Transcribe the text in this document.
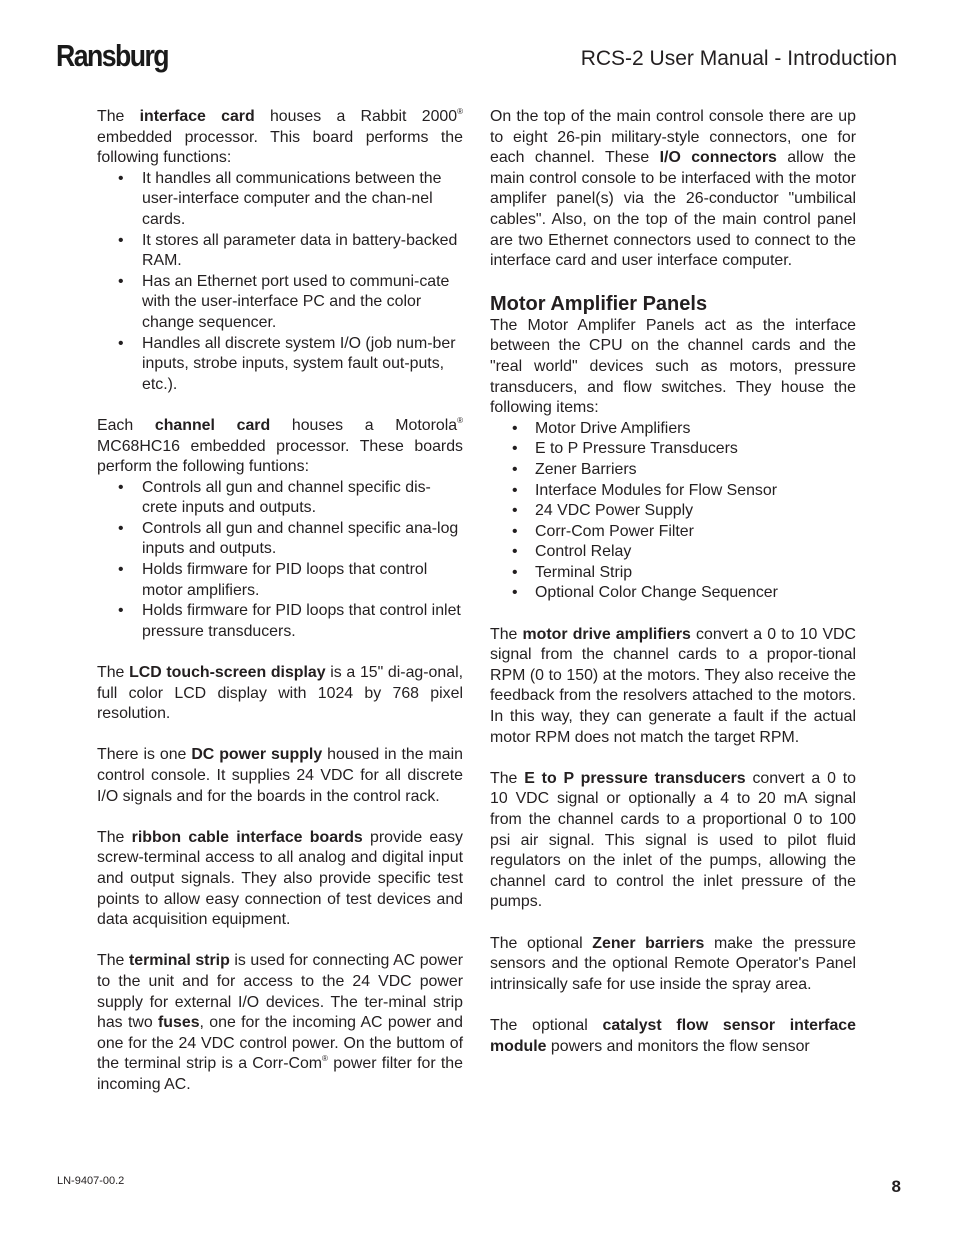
Ransburg	RCS-2 User Manual - Introduction

The interface card houses a Rabbit 2000® embedded processor. This board performs the following functions:

• It handles all communications between the user-interface computer and the chan-nel cards.
• It stores all parameter data in battery-backed RAM.
• Has an Ethernet port used to communi-cate with the user-interface PC and the color change sequencer.
• Handles all discrete system I/O (job num-ber inputs, strobe inputs, system fault out-puts, etc.).

Each channel card houses a Motorola® MC68HC16 embedded processor. These boards perform the following funtions:

• Controls all gun and channel specific dis-crete inputs and outputs.
• Controls all gun and channel specific ana-log inputs and outputs.
• Holds firmware for PID loops that control motor amplifiers.
• Holds firmware for PID loops that control inlet pressure transducers.

The LCD touch-screen display is a 15" di-ag-onal, full color LCD display with 1024 by 768 pixel resolution.

There is one DC power supply housed in the main control console. It supplies 24 VDC for all discrete I/O signals and for the boards in the control rack.

The ribbon cable interface boards provide easy screw-terminal access to all analog and digital input and output signals. They also provide specific test points to allow easy connection of test devices and data acquisition equipment.

The terminal strip is used for connecting AC power to the unit and for access to the 24 VDC power supply for external I/O devices. The ter-minal strip has two fuses, one for the incoming AC power and one for the 24 VDC control power. On the buttom of the terminal strip is a Corr-Com® power filter for the incoming AC.

On the top of the main control console there are up to eight 26-pin military-style connectors, one for each channel. These I/O connectors allow the main control console to be interfaced with the motor amplifer panel(s) via the 26-conductor "umbilical cables". Also, on the top of the main control panel are two Ethernet connectors used to connect to the interface card and user interface computer.

Motor Amplifier Panels

The Motor Amplifer Panels act as the interface between the CPU on the channel cards and the "real world" devices such as motors, pressure transducers, and flow switches. They house the following items:

• Motor Drive Amplifiers
• E to P Pressure Transducers
• Zener Barriers
• Interface Modules for Flow Sensor
• 24 VDC Power Supply
• Corr-Com Power Filter
• Control Relay
• Terminal Strip
• Optional Color Change Sequencer

The motor drive amplifiers convert a 0 to 10 VDC signal from the channel cards to a propor-tional RPM (0 to 150) at the motors. They also receive the feedback from the resolvers attached to the motors. In this way, they can generate a fault if the actual motor RPM does not match the target RPM.

The E to P pressure transducers convert a 0 to 10 VDC signal or optionally a 4 to 20 mA signal from the channel cards to a proportional 0 to 100 psi air signal. This signal is used to pilot fluid regulators on the inlet of the pumps, allowing the channel card to control the inlet pressure of the pumps.

The optional Zener barriers make the pressure sensors and the optional Remote Operator's Panel intrinsically safe for use inside the spray area.

The optional catalyst flow sensor interface module powers and monitors the flow sensor

LN-9407-00.2	8
